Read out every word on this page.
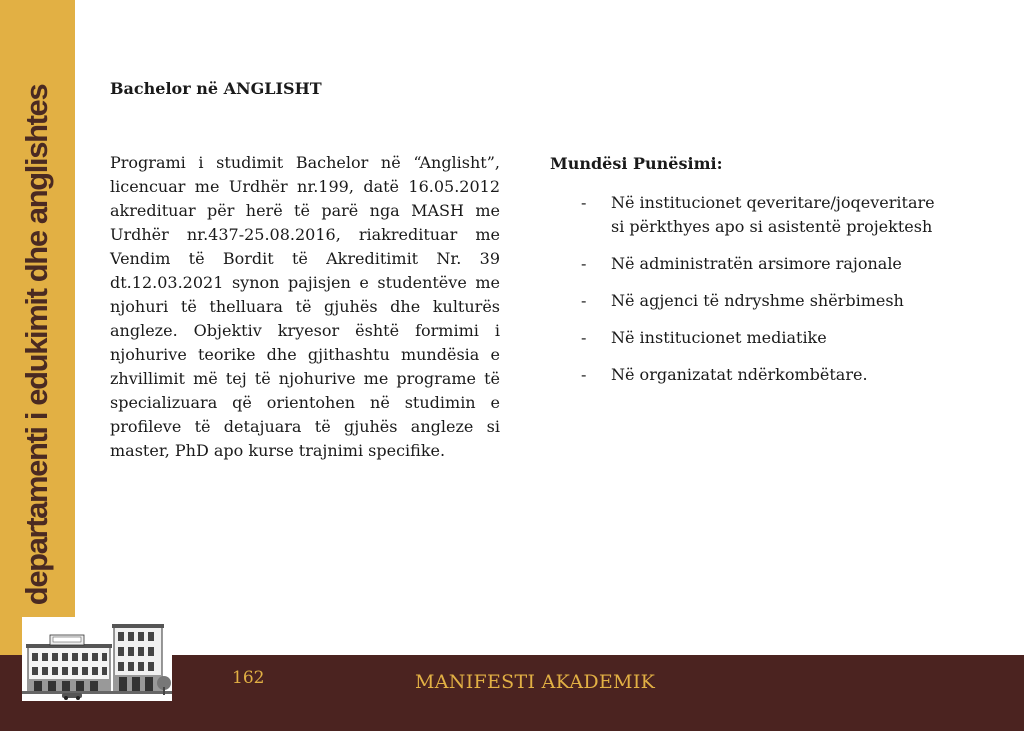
departamenti i edukimit dhe anglishtes	Bachelor në ANGLISHT

Programi i studimit Bachelor në “Anglisht”, licencuar me Urdhër nr.199, datë 16.05.2012 akredituar për herë të parë nga MASH me Urdhër nr.437-25.08.2016, riakredituar me Vendim të Bordit të Akreditimit Nr. 39 dt.12.03.2021 synon pajisjen e studentëve me njohuri të thelluara të gjuhës dhe kulturës angleze. Objektiv kryesor është formimi i njohurive teorike dhe gjithashtu mundësia e zhvillimit më tej të njohurive me programe të specializuara që orientohen në studimin e profileve të detajuara të gjuhës angleze si master, PhD apo kurse trajnimi specifike.

Mundësi Punësimi:
- Në institucionet qeveritare/joqeveritare si përkthyes apo si asistentë projektesh
- Në administratën arsimore rajonale
- Në agjenci të ndryshme shërbimesh
- Në institucionet mediatike
- Në organizatat ndërkombëtare.
162	MANIFESTI AKADEMIK
